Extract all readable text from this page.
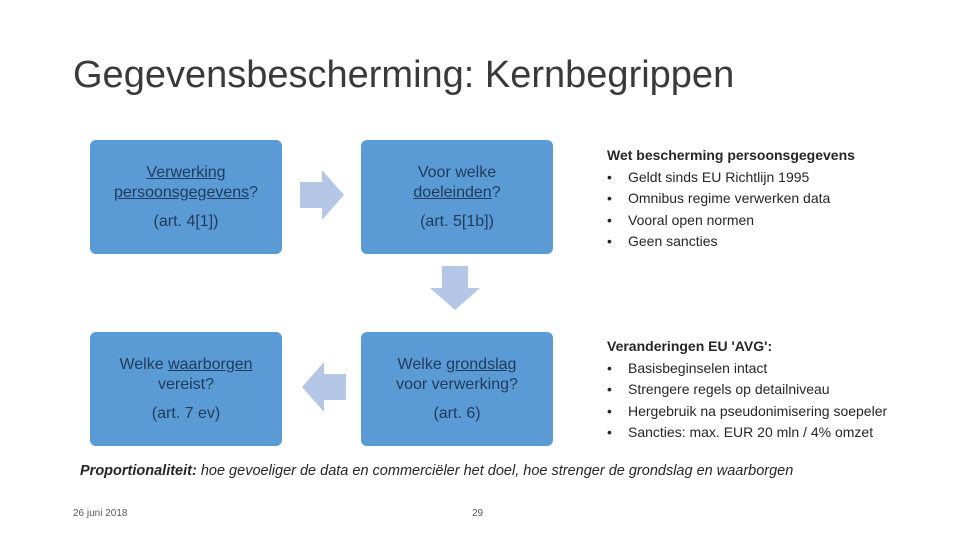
Gegevensbescherming: Kernbegrippen
Verwerking
persoonsgegevens?
(art. 4[1])
Voor welke
doeleinden?
(art. 5[1b])
Welke grondslag
voor verwerking?
(art. 6)
Welke waarborgen
vereist?
(art. 7 ev)
Wet bescherming persoonsgegevens
• Geldt sinds EU Richtlijn 1995
• Omnibus regime verwerken data
• Vooral open normen
• Geen sancties
Veranderingen EU 'AVG':
• Basisbeginselen intact
• Strengere regels op detailniveau
• Hergebruik na pseudonimisering soepeler
• Sancties: max. EUR 20 mln / 4% omzet
Proportionaliteit: hoe gevoeliger de data en commerciëler het doel, hoe strenger de grondslag en waarborgen
26 juni 2018	29
